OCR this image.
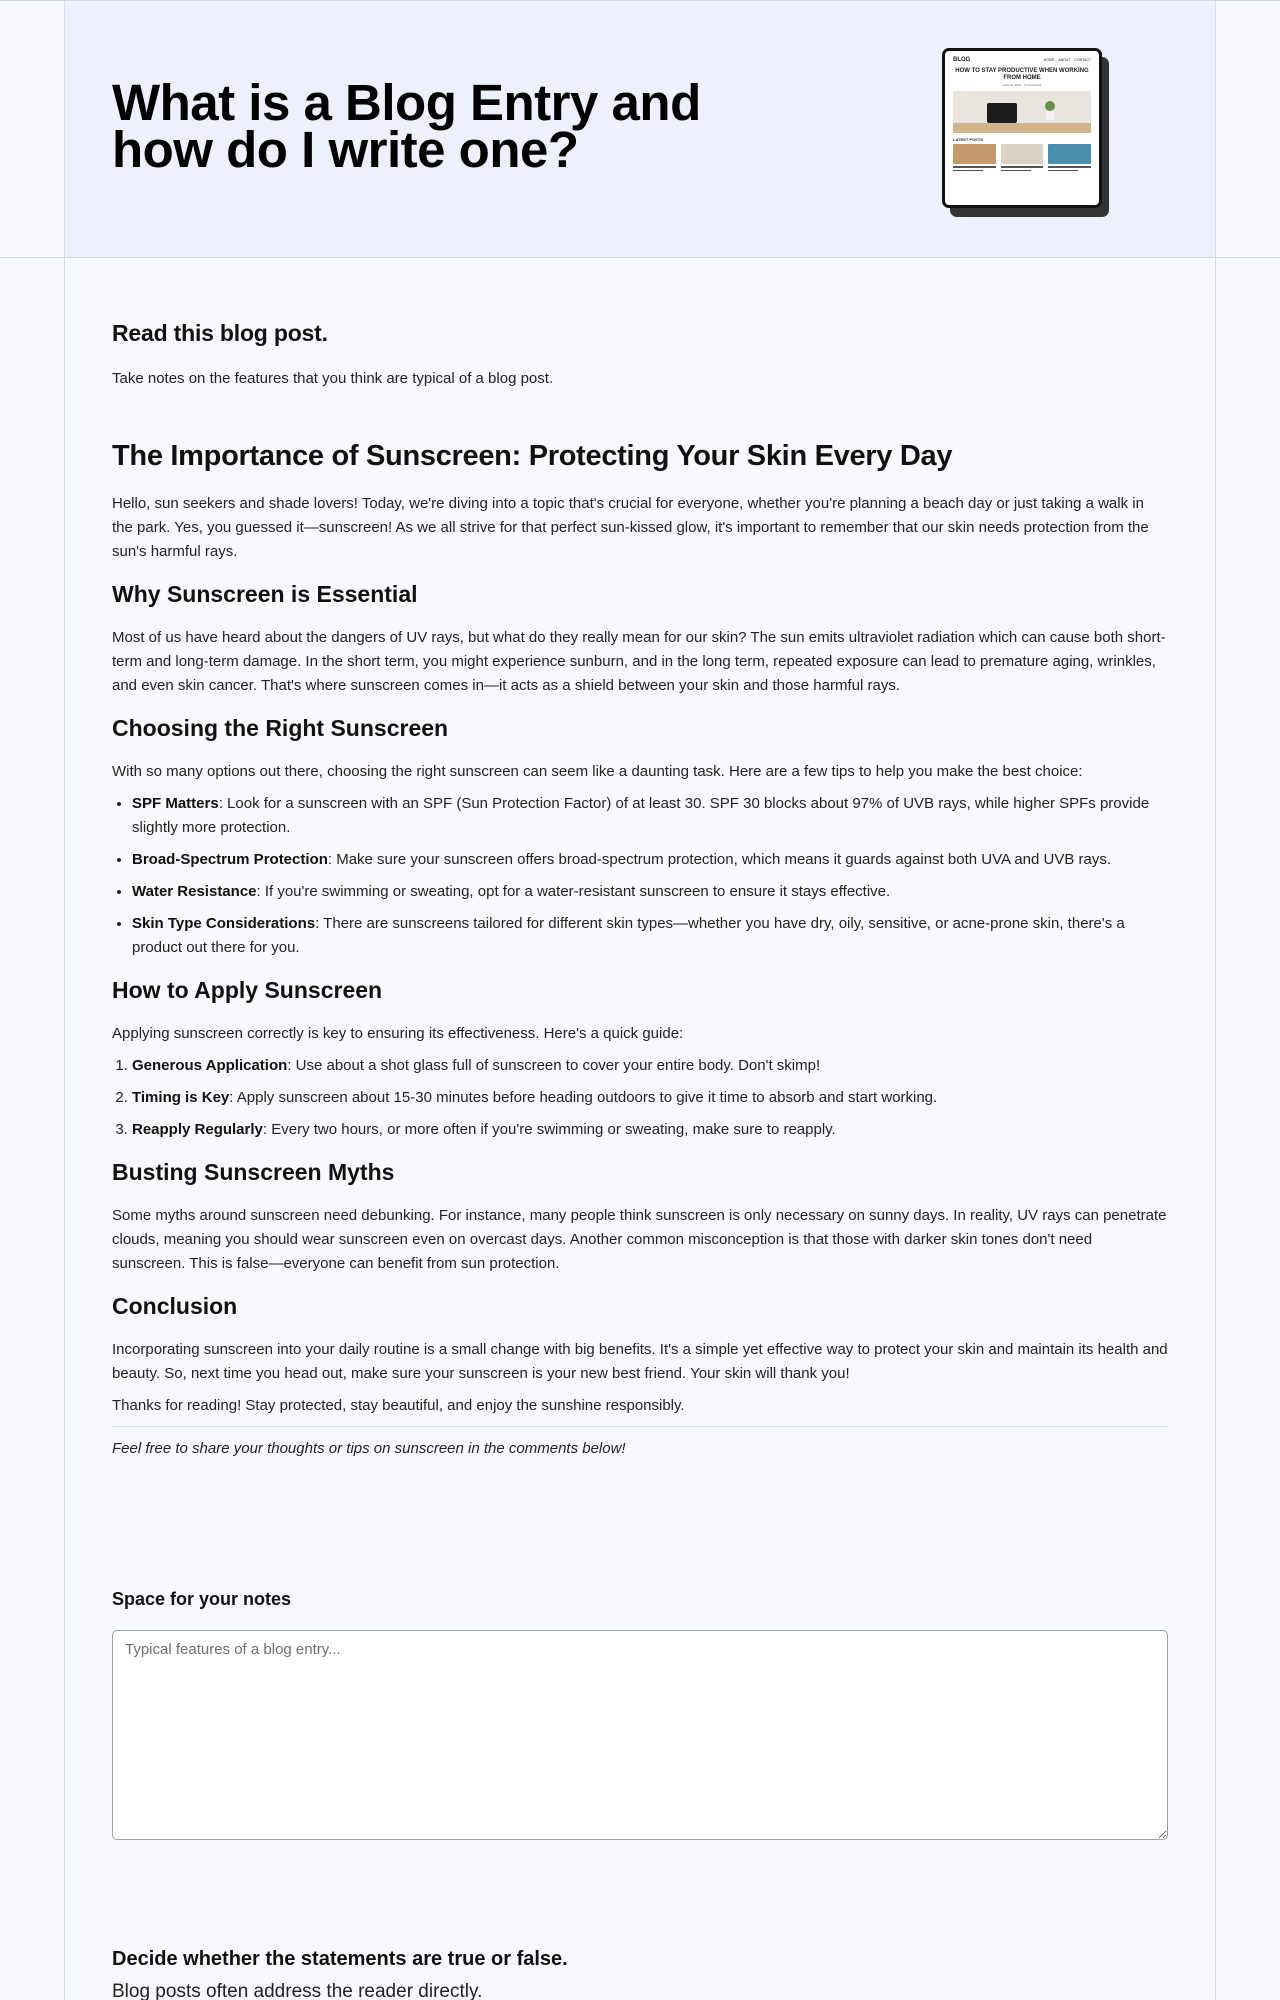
What is a Blog Entry and how do I write one?
BLOG	HOME ABOUT CONTACT
HOW TO STAY PRODUCTIVE WHEN WORKING FROM HOME
April 24, 2024 · 5 Comments
LATEST POSTS
Read this blog post.
Take notes on the features that you think are typical of a blog post.
The Importance of Sunscreen: Protecting Your Skin Every Day

Hello, sun seekers and shade lovers! Today, we're diving into a topic that's crucial for everyone, whether you're planning a beach day or just taking a walk in the park. Yes, you guessed it—sunscreen! As we all strive for that perfect sun-kissed glow, it's important to remember that our skin needs protection from the sun's harmful rays.

Why Sunscreen is Essential

Most of us have heard about the dangers of UV rays, but what do they really mean for our skin? The sun emits ultraviolet radiation which can cause both short-term and long-term damage. In the short term, you might experience sunburn, and in the long term, repeated exposure can lead to premature aging, wrinkles, and even skin cancer. That's where sunscreen comes in—it acts as a shield between your skin and those harmful rays.

Choosing the Right Sunscreen

With so many options out there, choosing the right sunscreen can seem like a daunting task. Here are a few tips to help you make the best choice:

• SPF Matters: Look for a sunscreen with an SPF (Sun Protection Factor) of at least 30. SPF 30 blocks about 97% of UVB rays, while higher SPFs provide slightly more protection.
• Broad-Spectrum Protection: Make sure your sunscreen offers broad-spectrum protection, which means it guards against both UVA and UVB rays.
• Water Resistance: If you're swimming or sweating, opt for a water-resistant sunscreen to ensure it stays effective.
• Skin Type Considerations: There are sunscreens tailored for different skin types—whether you have dry, oily, sensitive, or acne-prone skin, there's a product out there for you.
How to Apply Sunscreen

Applying sunscreen correctly is key to ensuring its effectiveness. Here's a quick guide:

1. Generous Application: Use about a shot glass full of sunscreen to cover your entire body. Don't skimp!
2. Timing is Key: Apply sunscreen about 15-30 minutes before heading outdoors to give it time to absorb and start working.
3. Reapply Regularly: Every two hours, or more often if you're swimming or sweating, make sure to reapply.
Busting Sunscreen Myths

Some myths around sunscreen need debunking. For instance, many people think sunscreen is only necessary on sunny days. In reality, UV rays can penetrate clouds, meaning you should wear sunscreen even on overcast days. Another common misconception is that those with darker skin tones don't need sunscreen. This is false—everyone can benefit from sun protection.

Conclusion

Incorporating sunscreen into your daily routine is a small change with big benefits. It's a simple yet effective way to protect your skin and maintain its health and beauty. So, next time you head out, make sure your sunscreen is your new best friend. Your skin will thank you!

Thanks for reading! Stay protected, stay beautiful, and enjoy the sunshine responsibly.

Feel free to share your thoughts or tips on sunscreen in the comments below!

Space for your notes
Typical features of a blog entry...
Decide whether the statements are true or false.
Blog posts often address the reader directly.
